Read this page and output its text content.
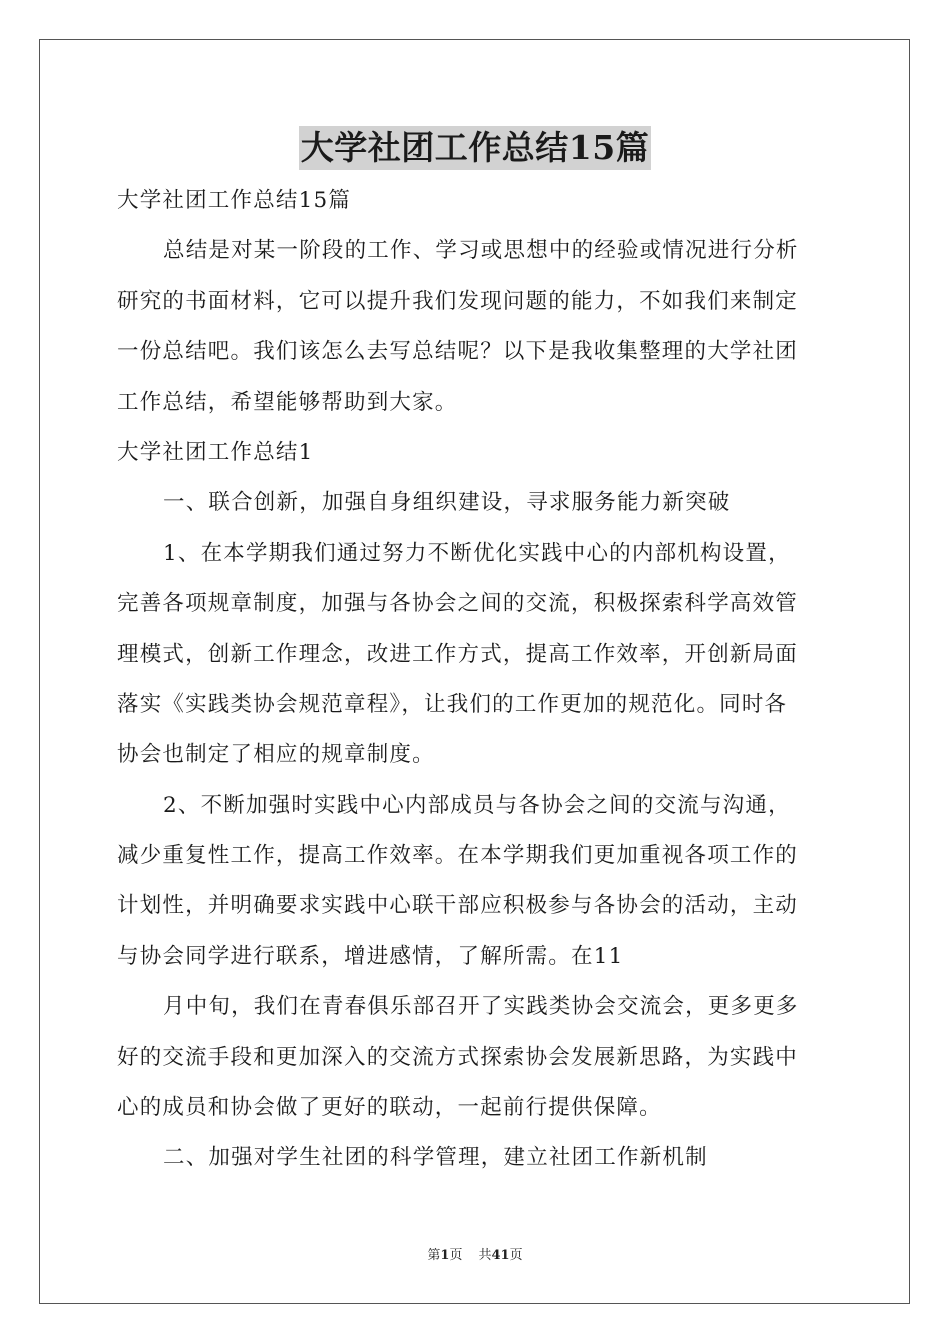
大学社团工作总结15篇
大学社团工作总结15篇
总结是对某一阶段的工作、学习或思想中的经验或情况进行分析
研究的书面材料，它可以提升我们发现问题的能力，不如我们来制定
一份总结吧。我们该怎么去写总结呢？以下是我收集整理的大学社团
工作总结，希望能够帮助到大家。
大学社团工作总结1
一、联合创新，加强自身组织建设，寻求服务能力新突破
1、在本学期我们通过努力不断优化实践中心的内部机构设置，
完善各项规章制度，加强与各协会之间的交流，积极探索科学高效管
理模式，创新工作理念，改进工作方式，提高工作效率，开创新局面
落实《实践类协会规范章程》，让我们的工作更加的规范化。同时各
协会也制定了相应的规章制度。
2、不断加强时实践中心内部成员与各协会之间的交流与沟通，
减少重复性工作，提高工作效率。在本学期我们更加重视各项工作的
计划性，并明确要求实践中心联干部应积极参与各协会的活动，主动
与协会同学进行联系，增进感情，了解所需。在11
月中旬，我们在青春俱乐部召开了实践类协会交流会，更多更多
好的交流手段和更加深入的交流方式探索协会发展新思路，为实践中
心的成员和协会做了更好的联动，一起前行提供保障。
二、加强对学生社团的科学管理，建立社团工作新机制
第1页 共41页
